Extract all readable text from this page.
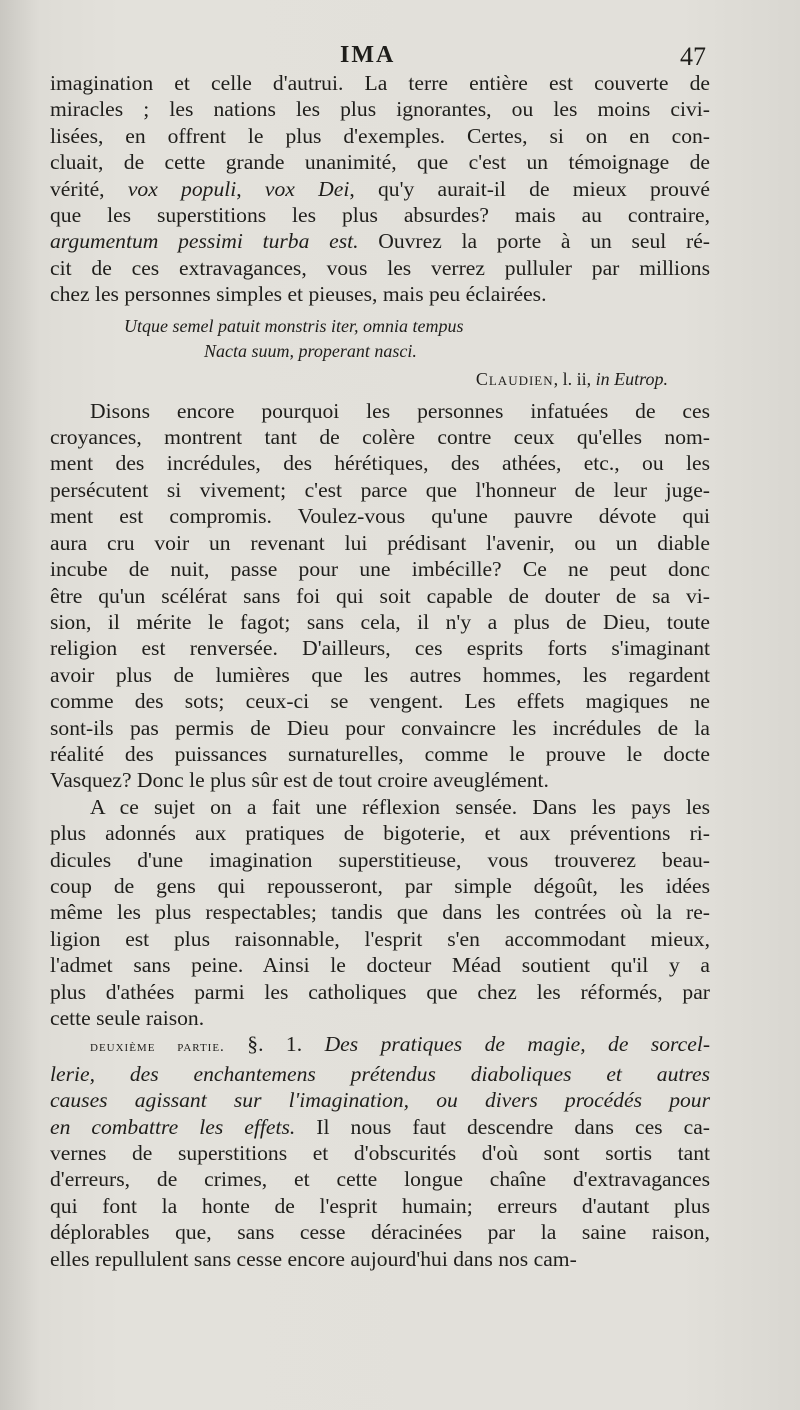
IMA	47
imagination et celle d'autrui. La terre entière est couverte de
miracles ; les nations les plus ignorantes, ou les moins civi-
lisées, en offrent le plus d'exemples. Certes, si on en con-
cluait, de cette grande unanimité, que c'est un témoignage de
vérité, vox populi, vox Dei, qu'y aurait-il de mieux prouvé
que les superstitions les plus absurdes? mais au contraire,
argumentum pessimi turba est. Ouvrez la porte à un seul ré-
cit de ces extravagances, vous les verrez pulluler par millions
chez les personnes simples et pieuses, mais peu éclairées.
Utque semel patuit monstris iter, omnia tempus
Nacta suum, properant nasci.
Claudien, l. ii, in Eutrop.
Disons encore pourquoi les personnes infatuées de ces
croyances, montrent tant de colère contre ceux qu'elles nom-
ment des incrédules, des hérétiques, des athées, etc., ou les
persécutent si vivement; c'est parce que l'honneur de leur juge-
ment est compromis. Voulez-vous qu'une pauvre dévote qui
aura cru voir un revenant lui prédisant l'avenir, ou un diable
incube de nuit, passe pour une imbécille? Ce ne peut donc
être qu'un scélérat sans foi qui soit capable de douter de sa vi-
sion, il mérite le fagot; sans cela, il n'y a plus de Dieu, toute
religion est renversée. D'ailleurs, ces esprits forts s'imaginant
avoir plus de lumières que les autres hommes, les regardent
comme des sots; ceux-ci se vengent. Les effets magiques ne
sont-ils pas permis de Dieu pour convaincre les incrédules de la
réalité des puissances surnaturelles, comme le prouve le docte
Vasquez? Donc le plus sûr est de tout croire aveuglément.
A ce sujet on a fait une réflexion sensée. Dans les pays les
plus adonnés aux pratiques de bigoterie, et aux préventions ri-
dicules d'une imagination superstitieuse, vous trouverez beau-
coup de gens qui repousseront, par simple dégoût, les idées
même les plus respectables; tandis que dans les contrées où la re-
ligion est plus raisonnable, l'esprit s'en accommodant mieux,
l'admet sans peine. Ainsi le docteur Méad soutient qu'il y a
plus d'athées parmi les catholiques que chez les réformés, par
cette seule raison.
deuxième partie. §. 1. Des pratiques de magie, de sorcel-
lerie, des enchantemens prétendus diaboliques et autres
causes agissant sur l'imagination, ou divers procédés pour
en combattre les effets. Il nous faut descendre dans ces ca-
vernes de superstitions et d'obscurités d'où sont sortis tant
d'erreurs, de crimes, et cette longue chaîne d'extravagances
qui font la honte de l'esprit humain; erreurs d'autant plus
déplorables que, sans cesse déracinées par la saine raison,
elles repullulent sans cesse encore aujourd'hui dans nos cam-
